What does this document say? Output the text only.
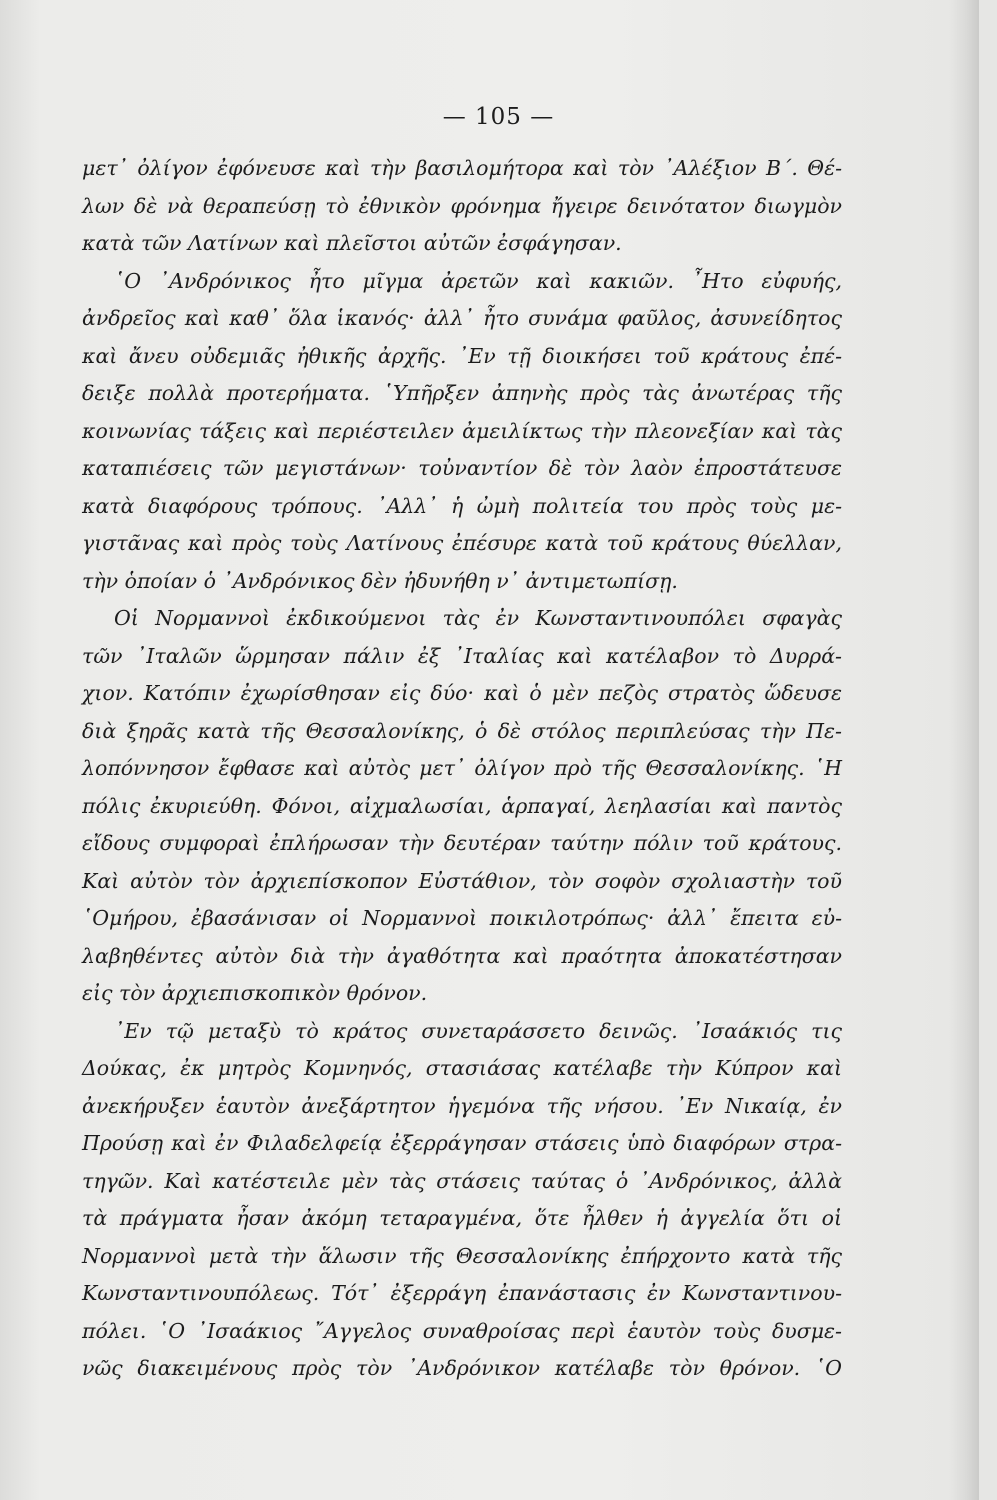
— 105 —
μετ᾽ ὀλίγον ἐφόνευσε καὶ τὴν βασιλομήτορα καὶ τὸν ᾽Αλέξιον Β΄. Θέ-
λων δὲ νὰ θεραπεύσῃ τὸ ἐθνικὸν φρόνημα ἤγειρε δεινότατον διωγμὸν
κατὰ τῶν Λατίνων καὶ πλεῖστοι αὐτῶν ἐσφάγησαν.
῾Ο ᾽Ανδρόνικος ἦτο μῖγμα ἀρετῶν καὶ κακιῶν. ῏Ητο εὐφυής,
ἀνδρεῖος καὶ καθ᾽ ὅλα ἱκανός· ἀλλ᾽ ἦτο συνάμα φαῦλος, ἀσυνείδητος
καὶ ἄνευ οὐδεμιᾶς ἠθικῆς ἀρχῆς. ᾽Εν τῇ διοικήσει τοῦ κράτους ἐπέ-
δειξε πολλὰ προτερήματα. ῾Υπῆρξεν ἀπηνὴς πρὸς τὰς ἀνωτέρας τῆς
κοινωνίας τάξεις καὶ περιέστειλεν ἀμειλίκτως τὴν πλεονεξίαν καὶ τὰς
καταπιέσεις τῶν μεγιστάνων· τοὐναντίον δὲ τὸν λαὸν ἐπροστάτευσε
κατὰ διαφόρους τρόπους. ᾽Αλλ᾽ ἡ ὠμὴ πολιτεία του πρὸς τοὺς με-
γιστᾶνας καὶ πρὸς τοὺς Λατίνους ἐπέσυρε κατὰ τοῦ κράτους θύελλαν,
τὴν ὁποίαν ὁ ᾽Ανδρόνικος δὲν ἠδυνήθη ν᾽ ἀντιμετωπίσῃ.
Οἱ Νορμαννοὶ ἐκδικούμενοι τὰς ἐν Κωνσταντινουπόλει σφαγὰς
τῶν ᾽Ιταλῶν ὥρμησαν πάλιν ἐξ ᾽Ιταλίας καὶ κατέλαβον τὸ Δυρρά-
χιον. Κατόπιν ἐχωρίσθησαν εἰς δύο· καὶ ὁ μὲν πεζὸς στρατὸς ὥδευσε
διὰ ξηρᾶς κατὰ τῆς Θεσσαλονίκης, ὁ δὲ στόλος περιπλεύσας τὴν Πε-
λοπόννησον ἔφθασε καὶ αὐτὸς μετ᾽ ὀλίγον πρὸ τῆς Θεσσαλονίκης. ῾Η
πόλις ἐκυριεύθη. Φόνοι, αἰχμαλωσίαι, ἁρπαγαί, λεηλασίαι καὶ παντὸς
εἴδους συμφοραὶ ἐπλήρωσαν τὴν δευτέραν ταύτην πόλιν τοῦ κράτους.
Καὶ αὐτὸν τὸν ἀρχιεπίσκοπον Εὐστάθιον, τὸν σοφὸν σχολιαστὴν τοῦ
῾Ομήρου, ἐβασάνισαν οἱ Νορμαννοὶ ποικιλοτρόπως· ἀλλ᾽ ἔπειτα εὐ-
λαβηθέντες αὐτὸν διὰ τὴν ἀγαθότητα καὶ πραότητα ἀποκατέστησαν
εἰς τὸν ἀρχιεπισκοπικὸν θρόνον.
᾽Εν τῷ μεταξὺ τὸ κράτος συνεταράσσετο δεινῶς. ᾽Ισαάκιός τις
Δούκας, ἐκ μητρὸς Κομνηνός, στασιάσας κατέλαβε τὴν Κύπρον καὶ
ἀνεκήρυξεν ἑαυτὸν ἀνεξάρτητον ἡγεμόνα τῆς νήσου. ᾽Εν Νικαίᾳ, ἐν
Προύσῃ καὶ ἐν Φιλαδελφείᾳ ἐξερράγησαν στάσεις ὑπὸ διαφόρων στρα-
τηγῶν. Καὶ κατέστειλε μὲν τὰς στάσεις ταύτας ὁ ᾽Ανδρόνικος, ἀλλὰ
τὰ πράγματα ἦσαν ἀκόμη τεταραγμένα, ὅτε ἦλθεν ἡ ἀγγελία ὅτι οἱ
Νορμαννοὶ μετὰ τὴν ἅλωσιν τῆς Θεσσαλονίκης ἐπήρχοντο κατὰ τῆς
Κωνσταντινουπόλεως. Τότ᾽ ἐξερράγη ἐπανάστασις ἐν Κωνσταντινου-
πόλει. ῾Ο ᾽Ισαάκιος ῎Αγγελος συναθροίσας περὶ ἑαυτὸν τοὺς δυσμε-
νῶς διακειμένους πρὸς τὸν ᾽Ανδρόνικον κατέλαβε τὸν θρόνον. ῾Ο
